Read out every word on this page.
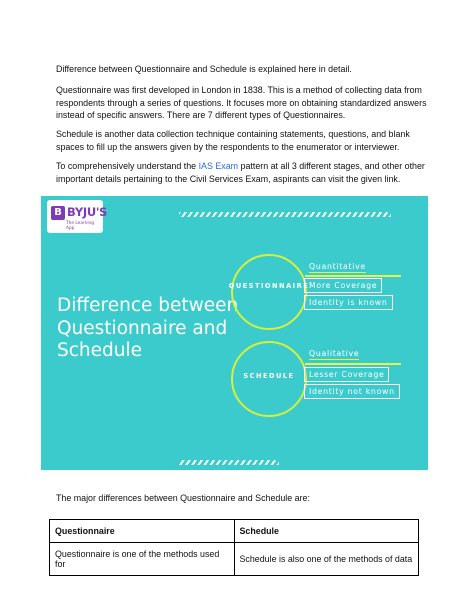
Difference between Questionnaire and Schedule is explained here in detail.

Questionnaire was first developed in London in 1838. This is a method of collecting data from respondents through a series of questions. It focuses more on obtaining standardized answers instead of specific answers. There are 7 different types of Questionnaires.

Schedule is another data collection technique containing statements, questions, and blank spaces to fill up the answers given by the respondents to the enumerator or interviewer.

To comprehensively understand the IAS Exam pattern at all 3 different stages, and other other important details pertaining to the Civil Services Exam, aspirants can visit the given link.

B BYJU'S
The Learning App
Difference between Questionnaire and Schedule
QUESTIONNAIRE
Quantitative
More Coverage
Identity is known
SCHEDULE
Qualitative
Lesser Coverage
Identity not known

The major differences between Questionnaire and Schedule are:

Questionnaire	Schedule
Questionnaire is one of the methods used for	Schedule is also one of the methods of data
